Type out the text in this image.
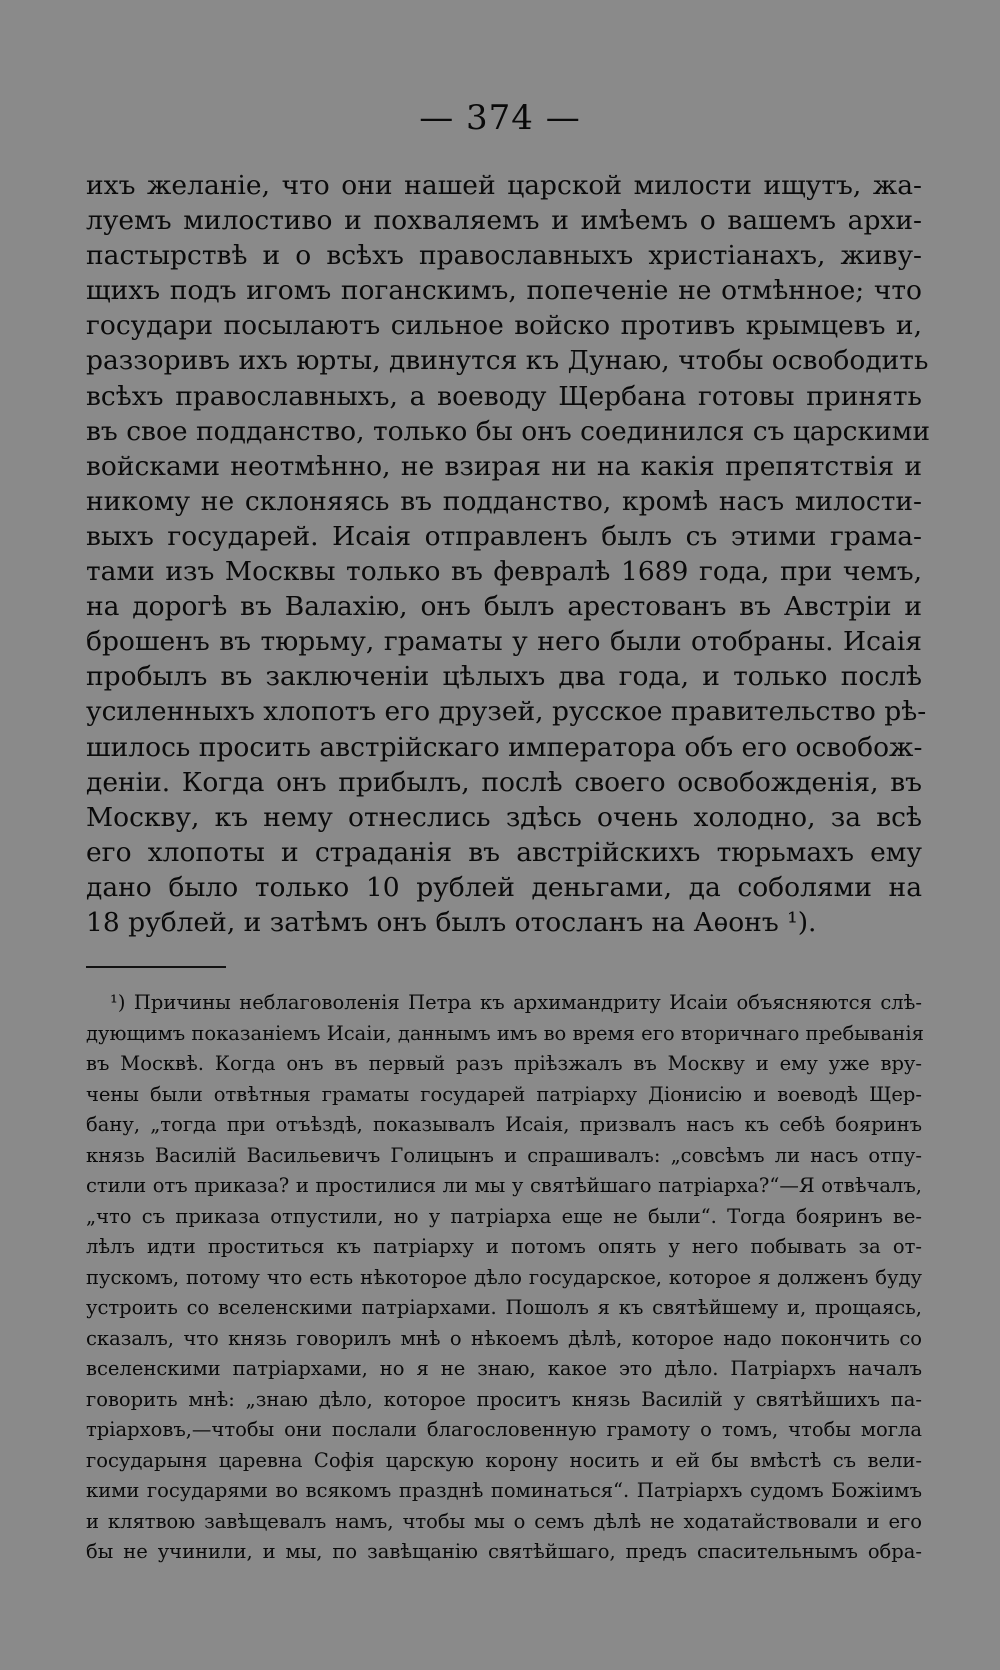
— 374 —
ихъ желаніе, что они нашей царской милости ищутъ, жа-
луемъ милостиво и похваляемъ и имѣемъ о вашемъ архи-
пастырствѣ и о всѣхъ православныхъ христіанахъ, живу-
щихъ подъ игомъ поганскимъ, попеченіе не отмѣнное; что
государи посылаютъ сильное войско противъ крымцевъ и,
раззоривъ ихъ юрты, двинутся къ Дунаю, чтобы освободить
всѣхъ православныхъ, а воеводу Щербана готовы принять
въ свое подданство, только бы онъ соединился съ царскими
войсками неотмѣнно, не взирая ни на какія препятствія и
никому не склоняясь въ подданство, кромѣ насъ милости-
выхъ государей. Исаія отправленъ былъ съ этими грама-
тами изъ Москвы только въ февралѣ 1689 года, при чемъ,
на дорогѣ въ Валахію, онъ былъ арестованъ въ Австріи и
брошенъ въ тюрьму, граматы у него были отобраны. Исаія
пробылъ въ заключеніи цѣлыхъ два года, и только послѣ
усиленныхъ хлопотъ его друзей, русское правительство рѣ-
шилось просить австрійскаго императора объ его освобож-
деніи. Когда онъ прибылъ, послѣ своего освобожденія, въ
Москву, къ нему отнеслись здѣсь очень холодно, за всѣ
его хлопоты и страданія въ австрійскихъ тюрьмахъ ему
дано было только 10 рублей деньгами, да соболями на
18 рублей, и затѣмъ онъ былъ отосланъ на Аѳонъ ¹).
¹) Причины неблаговоленія Петра къ архимандриту Исаіи объясняются слѣ-
дующимъ показаніемъ Исаіи, даннымъ имъ во время его вторичнаго пребыванія
въ Москвѣ. Когда онъ въ первый разъ пріѣзжалъ въ Москву и ему уже вру-
чены были отвѣтныя граматы государей патріарху Діонисію и воеводѣ Щер-
бану, „тогда при отъѣздѣ, показывалъ Исаія, призвалъ насъ къ себѣ бояринъ
князь Василій Васильевичъ Голицынъ и спрашивалъ: „совсѣмъ ли насъ отпу-
стили отъ приказа? и простилися ли мы у святѣйшаго патріарха?“—Я отвѣчалъ,
„что съ приказа отпустили, но у патріарха еще не были“. Тогда бояринъ ве-
лѣлъ идти проститься къ патріарху и потомъ опять у него побывать за от-
пускомъ, потому что есть нѣкоторое дѣло государское, которое я долженъ буду
устроить со вселенскими патріархами. Пошолъ я къ святѣйшему и, прощаясь,
сказалъ, что князь говорилъ мнѣ о нѣкоемъ дѣлѣ, которое надо покончить со
вселенскими патріархами, но я не знаю, какое это дѣло. Патріархъ началъ
говорить мнѣ: „знаю дѣло, которое проситъ князь Василій у святѣйшихъ па-
тріарховъ,—чтобы они послали благословенную грамоту о томъ, чтобы могла
государыня царевна Софія царскую корону носить и ей бы вмѣстѣ съ вели-
кими государями во всякомъ празднѣ поминаться“. Патріархъ судомъ Божіимъ
и клятвою завѣщевалъ намъ, чтобы мы о семъ дѣлѣ не ходатайствовали и его
бы не учинили, и мы, по завѣщанію святѣйшаго, предъ спасительнымъ обра-
